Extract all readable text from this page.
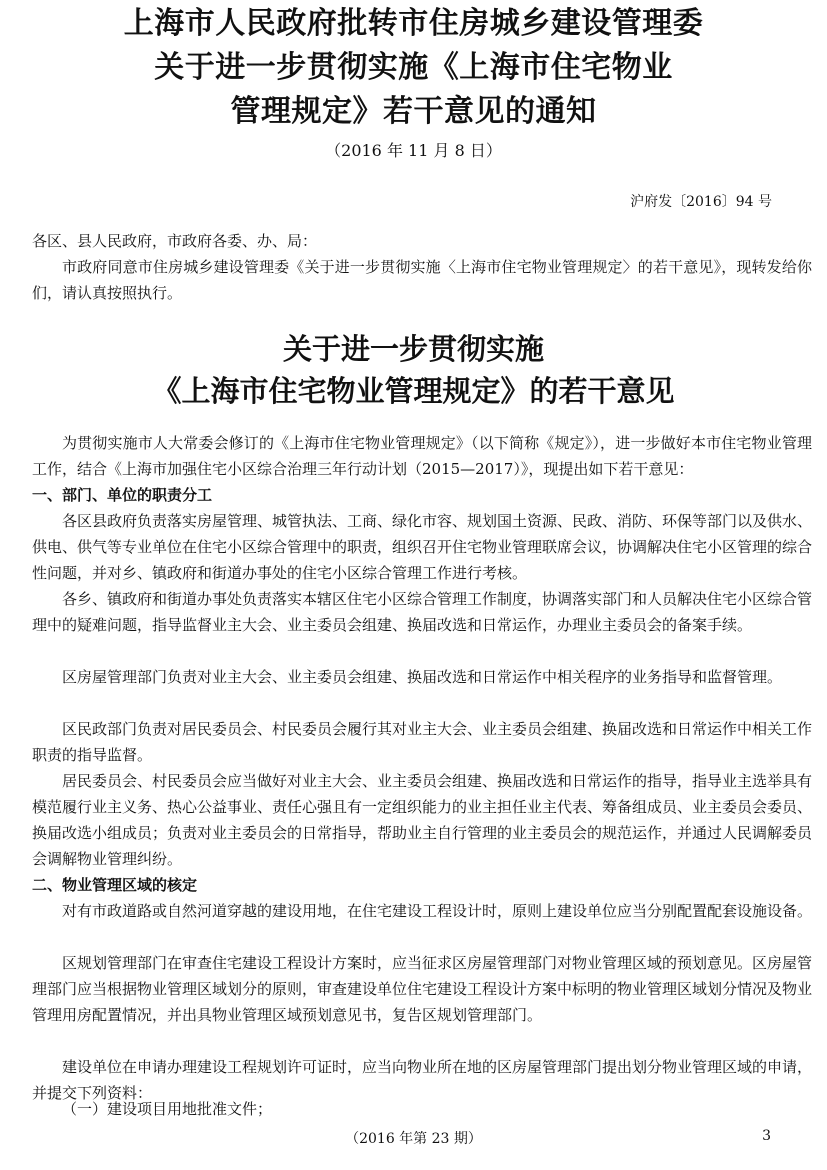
上海市人民政府批转市住房城乡建设管理委
关于进一步贯彻实施《上海市住宅物业
管理规定》若干意见的通知
（2016 年 11 月 8 日）
沪府发〔2016〕94 号
各区、县人民政府，市政府各委、办、局：
市政府同意市住房城乡建设管理委《关于进一步贯彻实施〈上海市住宅物业管理规定〉的若干意见》，现转发给你们，请认真按照执行。
关于进一步贯彻实施
《上海市住宅物业管理规定》的若干意见
为贯彻实施市人大常委会修订的《上海市住宅物业管理规定》（以下简称《规定》），进一步做好本市住宅物业管理工作，结合《上海市加强住宅小区综合治理三年行动计划（2015—2017）》，现提出如下若干意见：
一、部门、单位的职责分工
各区县政府负责落实房屋管理、城管执法、工商、绿化市容、规划国土资源、民政、消防、环保等部门以及供水、供电、供气等专业单位在住宅小区综合管理中的职责，组织召开住宅物业管理联席会议，协调解决住宅小区管理的综合性问题，并对乡、镇政府和街道办事处的住宅小区综合管理工作进行考核。
各乡、镇政府和街道办事处负责落实本辖区住宅小区综合管理工作制度，协调落实部门和人员解决住宅小区综合管理中的疑难问题，指导监督业主大会、业主委员会组建、换届改选和日常运作，办理业主委员会的备案手续。
区房屋管理部门负责对业主大会、业主委员会组建、换届改选和日常运作中相关程序的业务指导和监督管理。
区民政部门负责对居民委员会、村民委员会履行其对业主大会、业主委员会组建、换届改选和日常运作中相关工作职责的指导监督。
居民委员会、村民委员会应当做好对业主大会、业主委员会组建、换届改选和日常运作的指导，指导业主选举具有模范履行业主义务、热心公益事业、责任心强且有一定组织能力的业主担任业主代表、筹备组成员、业主委员会委员、换届改选小组成员；负责对业主委员会的日常指导，帮助业主自行管理的业主委员会的规范运作，并通过人民调解委员会调解物业管理纠纷。
二、物业管理区域的核定
对有市政道路或自然河道穿越的建设用地，在住宅建设工程设计时，原则上建设单位应当分别配置配套设施设备。
区规划管理部门在审查住宅建设工程设计方案时，应当征求区房屋管理部门对物业管理区域的预划意见。区房屋管理部门应当根据物业管理区域划分的原则，审查建设单位住宅建设工程设计方案中标明的物业管理区域划分情况及物业管理用房配置情况，并出具物业管理区域预划意见书，复告区规划管理部门。
建设单位在申请办理建设工程规划许可证时，应当向物业所在地的区房屋管理部门提出划分物业管理区域的申请，并提交下列资料：
（一）建设项目用地批准文件；
（2016 年第 23 期）	3
